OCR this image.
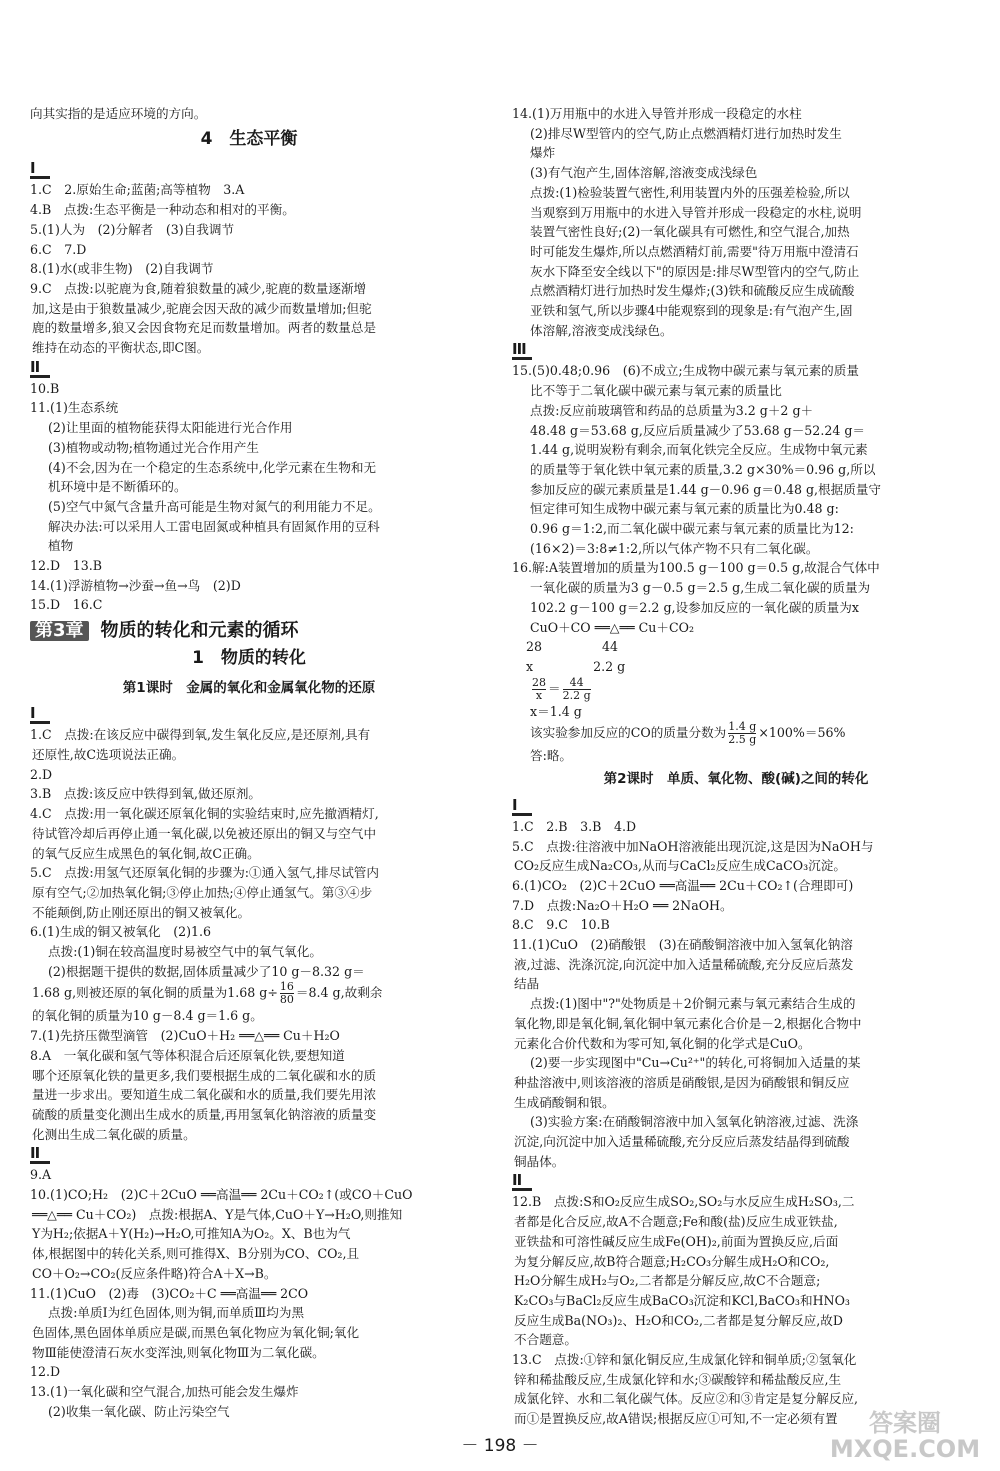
向其实指的是适应环境的方向。

4　生态平衡
I

1.C　2.原始生命;蓝菌;高等植物　3.A

4.B　点拨:生态平衡是一种动态和相对的平衡。

5.(1)人为　(2)分解者　(3)自我调节

6.C　7.D

8.(1)水(或非生物)　(2)自我调节

9.C　点拨:以驼鹿为食,随着狼数量的减少,驼鹿的数量逐渐增

加,这是由于狼数量减少,驼鹿会因天敌的减少而数量增加;但驼

鹿的数量增多,狼又会因食物充足而数量增加。两者的数量总是

维持在动态的平衡状态,即C图。

II

10.B

11.(1)生态系统

(2)让里面的植物能获得太阳能进行光合作用

(3)植物或动物;植物通过光合作用产生

(4)不会,因为在一个稳定的生态系统中,化学元素在生物和无

机环境中是不断循环的。

(5)空气中氮气含量升高可能是生物对氮气的利用能力不足。

解决办法:可以采用人工雷电固氮或种植具有固氮作用的豆科

植物

12.D　13.B

14.(1)浮游植物→沙蚕→鱼→鸟　(2)D

15.D　16.C

第3章 物质的转化和元素的循环
1　物质的转化
第1课时　金属的氧化和金属氧化物的还原
I

1.C　点拨:在该反应中碳得到氧,发生氧化反应,是还原剂,具有

还原性,故C选项说法正确。

2.D

3.B　点拨:该反应中铁得到氧,做还原剂。

4.C　点拨:用一氧化碳还原氧化铜的实验结束时,应先撤酒精灯,

待试管冷却后再停止通一氧化碳,以免被还原出的铜又与空气中

的氧气反应生成黑色的氧化铜,故C正确。

5.C　点拨:用氢气还原氧化铜的步骤为:①通入氢气,排尽试管内

原有空气;②加热氧化铜;③停止加热;④停止通氢气。第③④步

不能颠倒,防止刚还原出的铜又被氧化。

6.(1)生成的铜又被氧化　(2)1.6

点拨:(1)铜在较高温度时易被空气中的氧气氧化。

(2)根据题干提供的数据,固体质量减少了10 g－8.32 g＝

1.68 g,则被还原的氧化铜的质量为1.68 $g\div \frac{16}{80} =8.4$ g,故剩余

的氧化铜的质量为10 g－8.4 g＝1.6 g。

7.(1)先挤压微型滴管　(2)CuO＋H₂ ══△══ Cu＋H₂O

8.A　一氧化碳和氢气等体积混合后还原氧化铁,要想知道

哪个还原氧化铁的量更多,我们要根据生成的二氧化碳和水的质

量进一步求出。要知道生成二氧化碳和水的质量,我们要先用浓

硫酸的质量变化测出生成水的质量,再用氢氧化钠溶液的质量变

化测出生成二氧化碳的质量。

II

9.A

10.(1)CO;H₂　(2)C＋2CuO ══高温══ 2Cu＋CO₂↑(或CO＋CuO

══△══ Cu＋CO₂)　点拨:根据A、Y是气体,CuO＋Y→H₂O,则推知

Y为H₂;依据A＋Y(H₂)→H₂O,可推知A为O₂。X、B也为气

体,根据图中的转化关系,则可推得X、B分别为CO、CO₂,且

CO＋O₂→CO₂(反应条件略)符合A＋X→B。

11.(1)CuO　(2)毒　(3)CO₂＋C ══高温══ 2CO

点拨:单质Ⅰ为红色固体,则为铜,而单质Ⅲ均为黑

色固体,黑色固体单质应是碳,而黑色氧化物应为氧化铜;氧化

物Ⅲ能使澄清石灰水变浑浊,则氧化物Ⅲ为二氧化碳。

12.D

13.(1)一氧化碳和空气混合,加热可能会发生爆炸

(2)收集一氧化碳、防止污染空气

14.(1)万用瓶中的水进入导管并形成一段稳定的水柱

(2)排尽W型管内的空气,防止点燃酒精灯进行加热时发生

爆炸

(3)有气泡产生,固体溶解,溶液变成浅绿色

点拨:(1)检验装置气密性,利用装置内外的压强差检验,所以

当观察到万用瓶中的水进入导管并形成一段稳定的水柱,说明

装置气密性良好;(2)一氧化碳具有可燃性,和空气混合,加热

时可能发生爆炸,所以点燃酒精灯前,需要"待万用瓶中澄清石

灰水下降至安全线以下"的原因是:排尽W型管内的空气,防止

点燃酒精灯进行加热时发生爆炸;(3)铁和硫酸反应生成硫酸

亚铁和氢气,所以步骤4中能观察到的现象是:有气泡产生,固

体溶解,溶液变成浅绿色。

III

15.(5)0.48;0.96　(6)不成立;生成物中碳元素与氧元素的质量

比不等于二氧化碳中碳元素与氧元素的质量比

点拨:反应前玻璃管和药品的总质量为3.2 g＋2 g＋

48.48 g＝53.68 g,反应后质量减少了53.68 g－52.24 g＝

1.44 g,说明炭粉有剩余,而氧化铁完全反应。生成物中氧元素

的质量等于氧化铁中氧元素的质量,3.2 g×30%＝0.96 g,所以

参加反应的碳元素质量是1.44 g－0.96 g＝0.48 g,根据质量守

恒定律可知生成物中碳元素与氧元素的质量比为0.48 g:

0.96 g＝1:2,而二氧化碳中碳元素与氧元素的质量比为12:

(16×2)＝3:8≠1:2,所以气体产物不只有二氧化碳。

16.解:A装置增加的质量为100.5 g－100 g＝0.5 g,故混合气体中

一氧化碳的质量为3 g－0.5 g＝2.5 g,生成二氧化碳的质量为

102.2 g－100 g＝2.2 g,设参加反应的一氧化碳的质量为x

CuO＋CO ══△══ Cu＋CO₂

28	44
x	2.2 g

$\frac{28}{x} = \frac{44}{2.2 g}$

x＝1.4 g

该实验参加反应的CO的质量分数为 $\frac{1.4 g}{2.5 g} \times 100\%=56\%$

答:略。

第2课时　单质、氧化物、酸(碱)之间的转化
I

1.C　2.B　3.B　4.D

5.C　点拨:往溶液中加NaOH溶液能出现沉淀,这是因为NaOH与

CO₂反应生成Na₂CO₃,从而与CaCl₂反应生成CaCO₃沉淀。

6.(1)CO₂　(2)C＋2CuO ══高温══ 2Cu＋CO₂↑(合理即可)

7.D　点拨:Na₂O＋H₂O ══ 2NaOH。

8.C　9.C　10.B

11.(1)CuO　(2)硝酸银　(3)在硝酸铜溶液中加入氢氧化钠溶

液,过滤、洗涤沉淀,向沉淀中加入适量稀硫酸,充分反应后蒸发

结晶

点拨:(1)图中"?"处物质是＋2价铜元素与氧元素结合生成的

氧化物,即是氧化铜,氧化铜中氧元素化合价是－2,根据化合物中

元素化合价代数和为零可知,氧化铜的化学式是CuO。

(2)要一步实现图中"Cu→Cu²⁺"的转化,可将铜加入适量的某

种盐溶液中,则该溶液的溶质是硝酸银,是因为硝酸银和铜反应

生成硝酸铜和银。

(3)实验方案:在硝酸铜溶液中加入氢氧化钠溶液,过滤、洗涤

沉淀,向沉淀中加入适量稀硫酸,充分反应后蒸发结晶得到硫酸

铜晶体。

II

12.B　点拨:S和O₂反应生成SO₂,SO₂与水反应生成H₂SO₃,二

者都是化合反应,故A不合题意;Fe和酸(盐)反应生成亚铁盐,

亚铁盐和可溶性碱反应生成Fe(OH)₂,前面为置换反应,后面

为复分解反应,故B符合题意;H₂CO₃分解生成H₂O和CO₂,

H₂O分解生成H₂与O₂,二者都是分解反应,故C不合题意;

K₂CO₃与BaCl₂反应生成BaCO₃沉淀和KCl,BaCO₃和HNO₃

反应生成Ba(NO₃)₂、H₂O和CO₂,二者都是复分解反应,故D

不合题意。

13.C　点拨:①锌和氯化铜反应,生成氯化锌和铜单质;②氢氧化

锌和稀盐酸反应,生成氯化锌和水;③碳酸锌和稀盐酸反应,生

成氯化锌、水和二氧化碳气体。反应②和③肯定是复分解反应,

而①是置换反应,故A错误;根据反应①可知,不一定必须有置

－ 198 －
答案圈 MXQE.COM
